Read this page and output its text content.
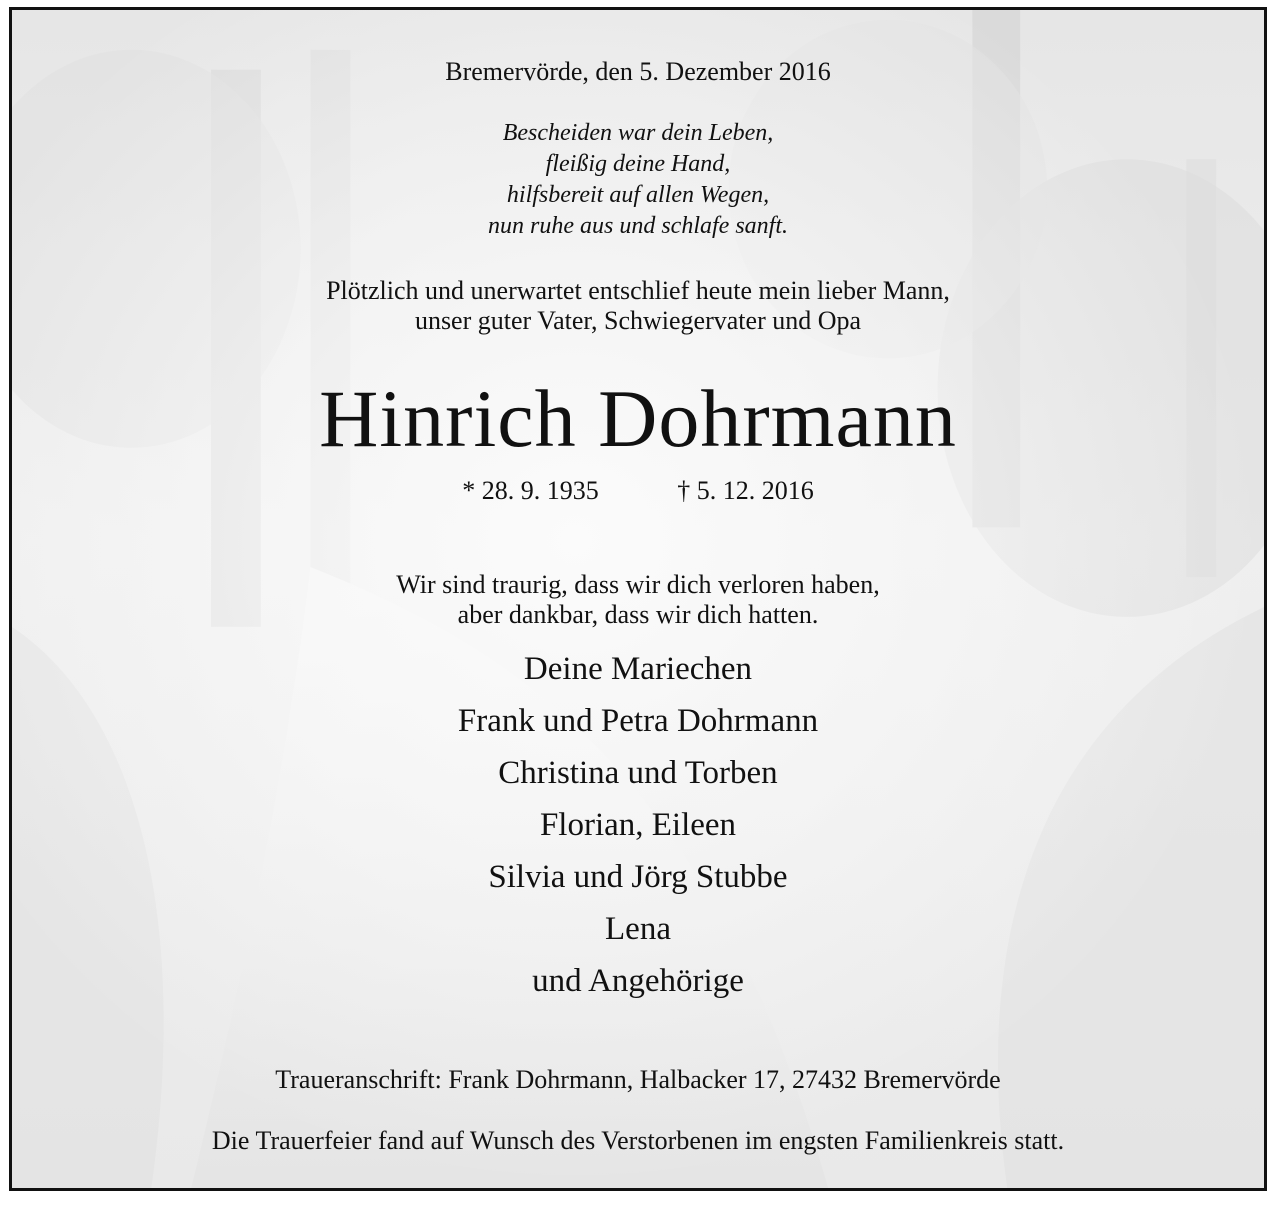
Bremervörde, den 5. Dezember 2016
Bescheiden war dein Leben,
fleißig deine Hand,
hilfsbereit auf allen Wegen,
nun ruhe aus und schlafe sanft.
Plötzlich und unerwartet entschlief heute mein lieber Mann,
unser guter Vater, Schwiegervater und Opa
Hinrich Dohrmann
* 28. 9. 1935	† 5. 12. 2016
Wir sind traurig, dass wir dich verloren haben,
aber dankbar, dass wir dich hatten.
Deine Mariechen
Frank und Petra Dohrmann
Christina und Torben
Florian, Eileen
Silvia und Jörg Stubbe
Lena
und Angehörige
Traueranschrift: Frank Dohrmann, Halbacker 17, 27432 Bremervörde
Die Trauerfeier fand auf Wunsch des Verstorbenen im engsten Familienkreis statt.
